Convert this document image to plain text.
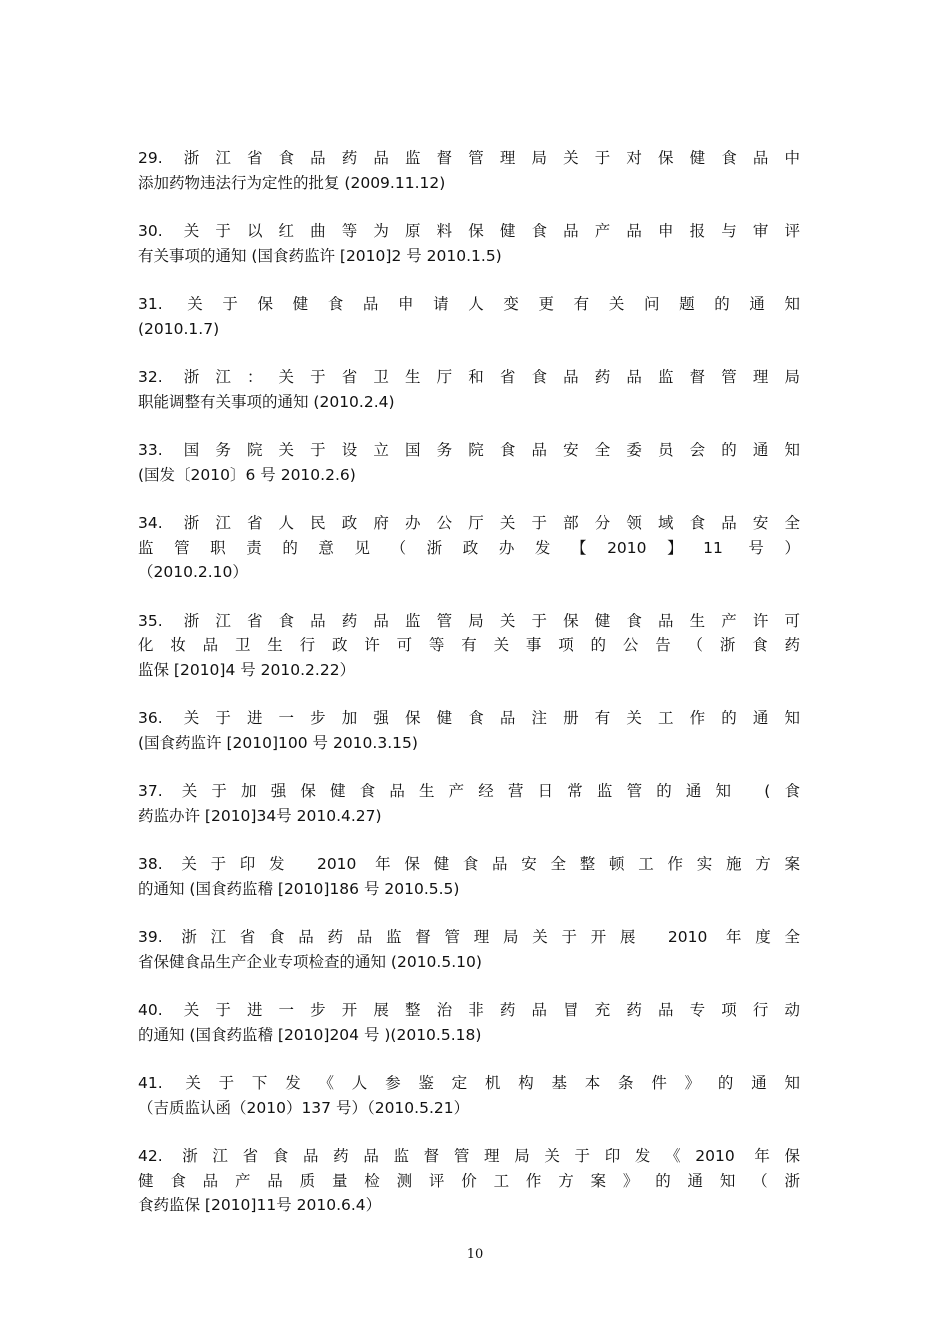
29. 浙江省食品药品监督管理局关于对保健食品中
添加药物违法行为定性的批复 (2009.11.12)
30. 关于以红曲等为原料保健食品产品申报与审评
有关事项的通知 (国食药监许 [2010]2 号 2010.1.5)
31. 关于保健食品申请人变更有关问题的通知
(2010.1.7)
32. 浙江：关于省卫生厅和省食品药品监督管理局
职能调整有关事项的通知 (2010.2.4)
33. 国务院关于设立国务院食品安全委员会的通知
(国发〔2010〕6 号 2010.2.6)
34. 浙江省人民政府办公厅关于部分领域食品安全
监管职责的意见（浙政办发【2010】11 号）
（2010.2.10）
35. 浙江省食品药品监管局关于保健食品生产许可
化妆品卫生行政许可等有关事项的公告（浙食药
监保 [2010]4 号 2010.2.22）
36. 关于进一步加强保健食品注册有关工作的通知
(国食药监许 [2010]100 号 2010.3.15)
37. 关于加强保健食品生产经营日常监管的通知 (食
药监办许 [2010]34号 2010.4.27)
38. 关于印发 2010 年保健食品安全整顿工作实施方案
的通知 (国食药监稽 [2010]186 号 2010.5.5)
39. 浙江省食品药品监督管理局关于开展 2010 年度全
省保健食品生产企业专项检查的通知 (2010.5.10)
40. 关于进一步开展整治非药品冒充药品专项行动
的通知 (国食药监稽 [2010]204 号 )(2010.5.18)
41. 关于下发《人参鉴定机构基本条件》的通知
（吉质监认函（2010）137 号）（2010.5.21）
42. 浙江省食品药品监督管理局关于印发《2010 年保
健食品产品质量检测评价工作方案》的通知（浙
食药监保 [2010]11号 2010.6.4）
10
